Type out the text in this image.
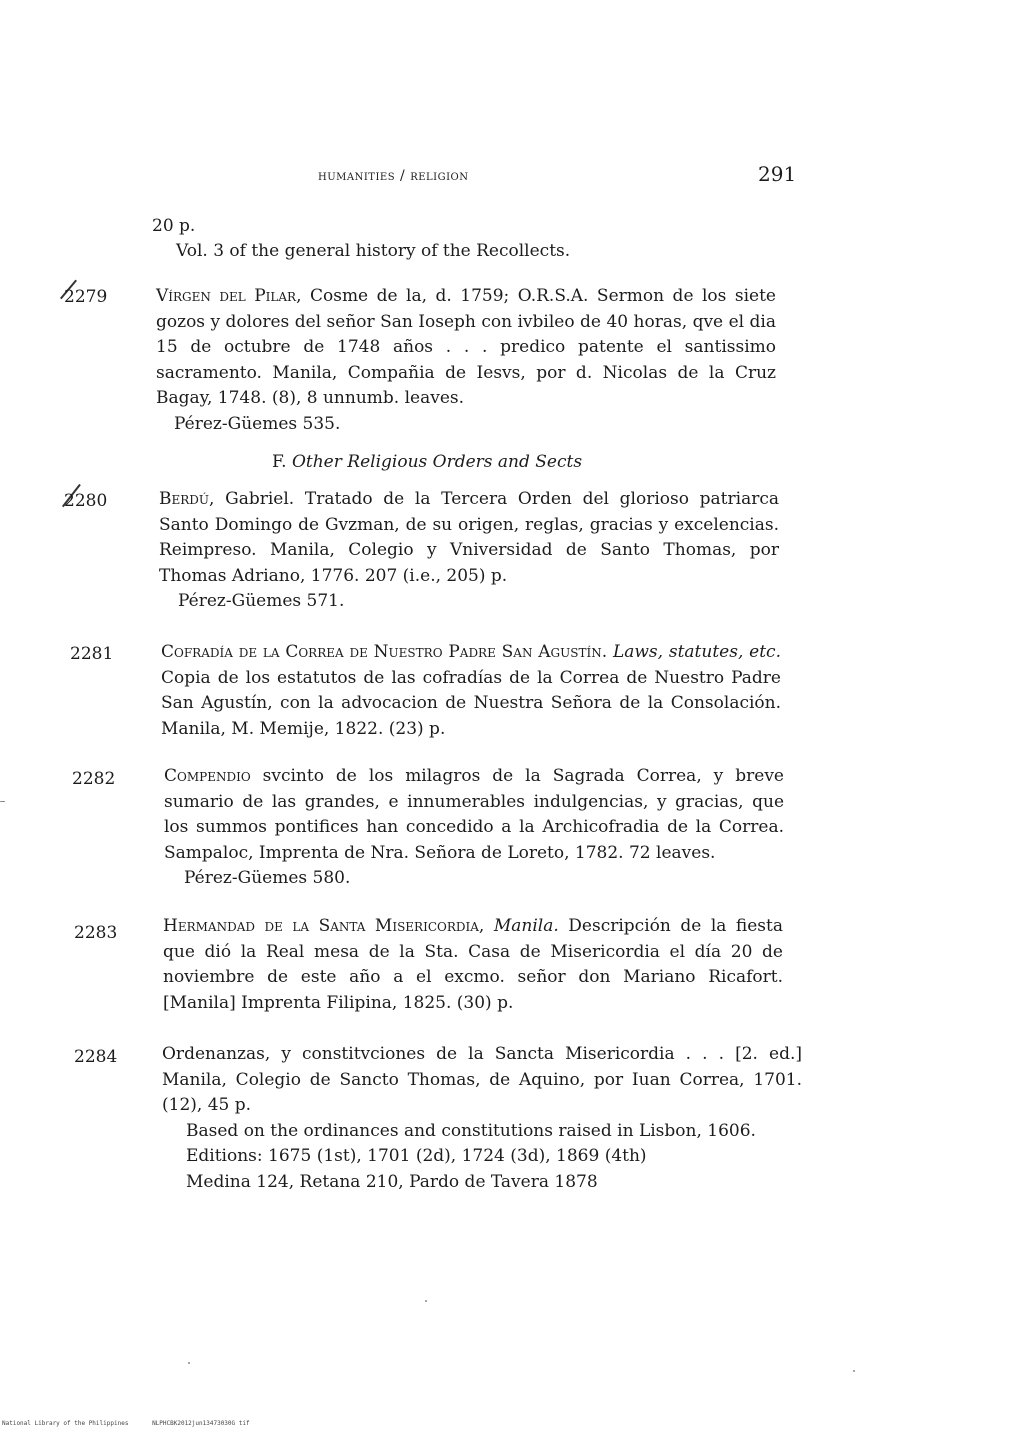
humanities / religion	291
20 p.
Vol. 3 of the general history of the Recollects.
2279	Vírgen del Pilar, Cosme de la, d. 1759; O.R.S.A. Sermon de los siete gozos y dolores del señor San Ioseph con ivbileo de 40 horas, qve el dia 15 de octubre de 1748 años . . . predico patente el santissimo sacramento. Manila, Compañia de Iesvs, por d. Nicolas de la Cruz Bagay, 1748. (8), 8 unnumb. leaves.
Pérez-Güemes 535.
F. Other Religious Orders and Sects
2280	Berdú, Gabriel. Tratado de la Tercera Orden del glorioso patriarca Santo Domingo de Gvzman, de su origen, reglas, gracias y excelencias. Reimpreso. Manila, Colegio y Vniversidad de Santo Thomas, por Thomas Adriano, 1776. 207 (i.e., 205) p.
Pérez-Güemes 571.
2281	Cofradía de la Correa de Nuestro Padre San Agustín. Laws, statutes, etc. Copia de los estatutos de las cofradías de la Correa de Nuestro Padre San Agustín, con la advocacion de Nuestra Señora de la Consolación. Manila, M. Memije, 1822. (23) p.
2282	Compendio svcinto de los milagros de la Sagrada Correa, y breve sumario de las grandes, e innumerables indulgencias, y gracias, que los summos pontifices han concedido a la Archicofradia de la Correa. Sampaloc, Imprenta de Nra. Señora de Loreto, 1782. 72 leaves.
Pérez-Güemes 580.
2283	Hermandad de la Santa Misericordia, Manila. Descripción de la fiesta que dió la Real mesa de la Sta. Casa de Misericordia el día 20 de noviembre de este año a el excmo. señor don Mariano Ricafort. [Manila] Imprenta Filipina, 1825. (30) p.
2284	Ordenanzas, y constitvciones de la Sancta Misericordia . . . [2. ed.] Manila, Colegio de Sancto Thomas, de Aquino, por Iuan Correa, 1701. (12), 45 p.
Based on the ordinances and constitutions raised in Lisbon, 1606.
Editions: 1675 (1st), 1701 (2d), 1724 (3d), 1869 (4th)
Medina 124, Retana 210, Pardo de Tavera 1878
National Library of the Philippines	NLPHCBK2012jun13473030G tif
